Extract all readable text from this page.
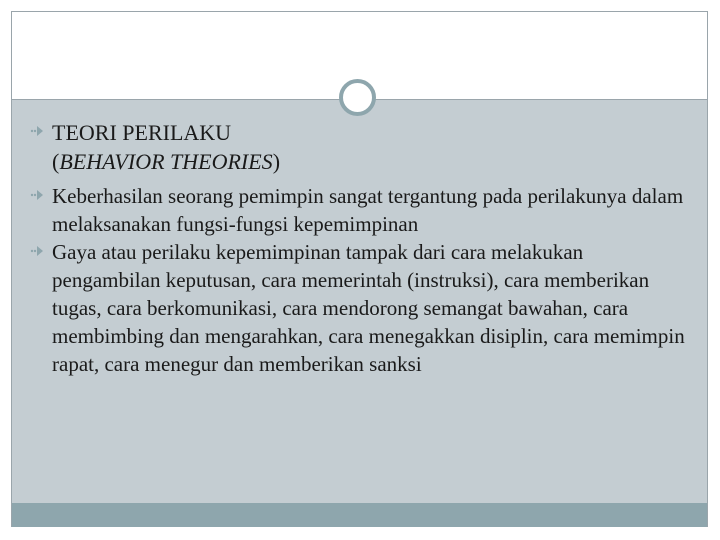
TEORI PERILAKU
(BEHAVIOR THEORIES)
Keberhasilan seorang pemimpin sangat tergantung pada perilakunya dalam melaksanakan fungsi-fungsi kepemimpinan
Gaya atau perilaku kepemimpinan tampak dari cara melakukan pengambilan keputusan, cara memerintah (instruksi), cara memberikan tugas, cara berkomunikasi, cara mendorong semangat bawahan, cara membimbing dan mengarahkan, cara menegakkan disiplin, cara memimpin rapat, cara menegur dan memberikan sanksi
